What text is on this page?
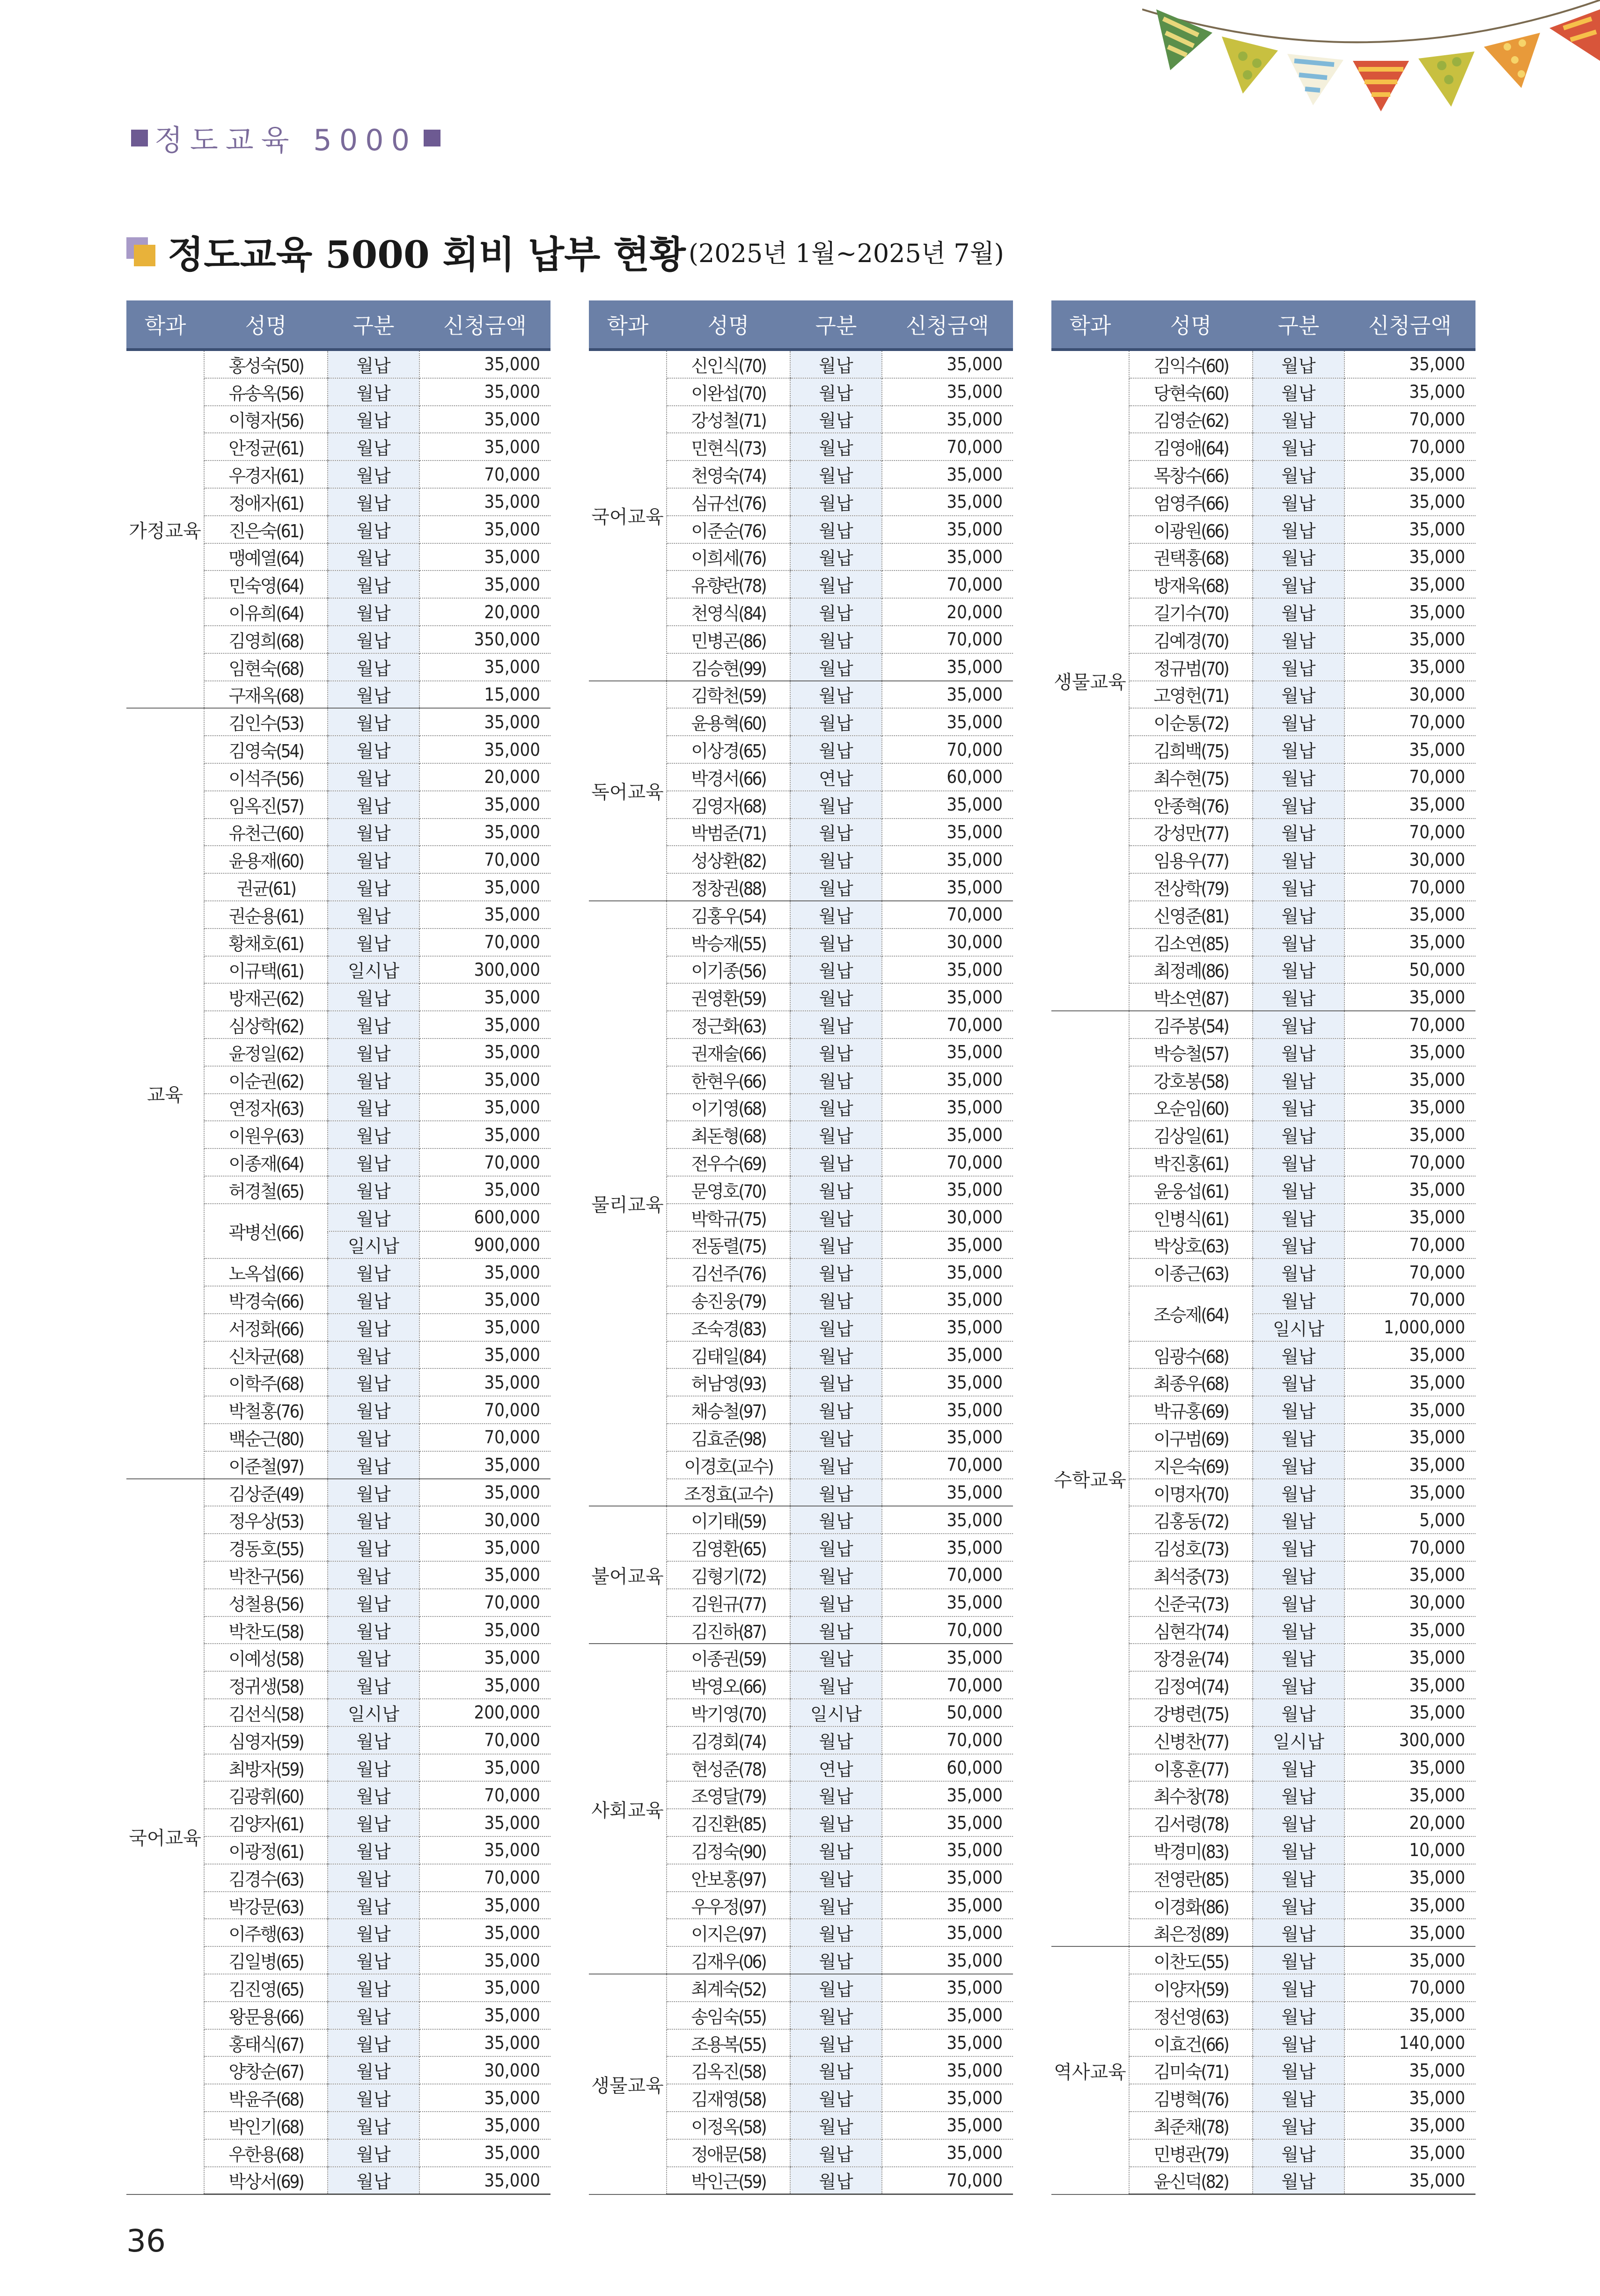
정도교육 5000
정도교육 5000 회비 납부 현황 (2025년 1월~2025년 7월)
학과	성명	구분	신청금액
가정교육	홍성숙(50)	월납	35,000
	유송옥(56)	월납	35,000
	이형자(56)	월납	35,000
	안정균(61)	월납	35,000
	우경자(61)	월납	70,000
	정애자(61)	월납	35,000
	진은숙(61)	월납	35,000
	맹예열(64)	월납	35,000
	민숙영(64)	월납	35,000
	이유희(64)	월납	20,000
	김영희(68)	월납	350,000
	임현숙(68)	월납	35,000
	구재옥(68)	월납	15,000
교육	김인수(53)	월납	35,000
	김영숙(54)	월납	35,000
	이석주(56)	월납	20,000
	임옥진(57)	월납	35,000
	유천근(60)	월납	35,000
	윤용재(60)	월납	70,000
	권균(61)	월납	35,000
	권순용(61)	월납	35,000
	황채호(61)	월납	70,000
	이규택(61)	일시납	300,000
	방재곤(62)	월납	35,000
	심상학(62)	월납	35,000
	윤정일(62)	월납	35,000
	이순권(62)	월납	35,000
	연정자(63)	월납	35,000
	이원우(63)	월납	35,000
	이종재(64)	월납	70,000
	허경철(65)	월납	35,000
	곽병선(66)	월납	600,000
		일시납	900,000
	노옥섭(66)	월납	35,000
	박경숙(66)	월납	35,000
	서정화(66)	월납	35,000
	신차균(68)	월납	35,000
	이학주(68)	월납	35,000
	박철홍(76)	월납	70,000
	백순근(80)	월납	70,000
	이준철(97)	월납	35,000
국어교육	김상준(49)	월납	35,000
	정우상(53)	월납	30,000
	경동호(55)	월납	35,000
	박찬구(56)	월납	35,000
	성철용(56)	월납	70,000
	박찬도(58)	월납	35,000
	이예성(58)	월납	35,000
	정귀생(58)	월납	35,000
	김선식(58)	일시납	200,000
	심영자(59)	월납	70,000
	최방자(59)	월납	35,000
	김광휘(60)	월납	70,000
	김양자(61)	월납	35,000
	이광정(61)	월납	35,000
	김경수(63)	월납	70,000
	박강문(63)	월납	35,000
	이주행(63)	월납	35,000
	김일병(65)	월납	35,000
	김진영(65)	월납	35,000
	왕문용(66)	월납	35,000
	홍태식(67)	월납	35,000
	양창순(67)	월납	30,000
	박윤주(68)	월납	35,000
	박인기(68)	월납	35,000
	우한용(68)	월납	35,000
	박상서(69)	월납	35,000
학과	성명	구분	신청금액
국어교육	신인식(70)	월납	35,000
	이완섭(70)	월납	35,000
	강성철(71)	월납	35,000
	민현식(73)	월납	70,000
	천영숙(74)	월납	35,000
	심규선(76)	월납	35,000
	이준순(76)	월납	35,000
	이희세(76)	월납	35,000
	유향란(78)	월납	70,000
	천영식(84)	월납	20,000
	민병곤(86)	월납	70,000
	김승현(99)	월납	35,000
독어교육	김학천(59)	월납	35,000
	윤용혁(60)	월납	35,000
	이상경(65)	월납	70,000
	박경서(66)	연납	60,000
	김영자(68)	월납	35,000
	박범준(71)	월납	35,000
	성상환(82)	월납	35,000
	정창권(88)	월납	35,000
물리교육	김홍우(54)	월납	70,000
	박승재(55)	월납	30,000
	이기종(56)	월납	35,000
	권영환(59)	월납	35,000
	정근화(63)	월납	70,000
	권재술(66)	월납	35,000
	한현우(66)	월납	35,000
	이기영(68)	월납	35,000
	최돈형(68)	월납	35,000
	전우수(69)	월납	70,000
	문영호(70)	월납	35,000
	박학규(75)	월납	30,000
	전동렬(75)	월납	35,000
	김선주(76)	월납	35,000
	송진웅(79)	월납	35,000
	조숙경(83)	월납	35,000
	김태일(84)	월납	35,000
	허남영(93)	월납	35,000
	채승철(97)	월납	35,000
	김효준(98)	월납	35,000
	이경호(교수)	월납	70,000
	조정효(교수)	월납	35,000
불어교육	이기태(59)	월납	35,000
	김영환(65)	월납	35,000
	김형기(72)	월납	70,000
	김원규(77)	월납	35,000
	김진하(87)	월납	70,000
사회교육	이종권(59)	월납	35,000
	박영오(66)	월납	70,000
	박기영(70)	일시납	50,000
	김경회(74)	월납	70,000
	현성준(78)	연납	60,000
	조영달(79)	월납	35,000
	김진환(85)	월납	35,000
	김정숙(90)	월납	35,000
	안보홍(97)	월납	35,000
	우우정(97)	월납	35,000
	이지은(97)	월납	35,000
	김재우(06)	월납	35,000
생물교육	최계숙(52)	월납	35,000
	송임숙(55)	월납	35,000
	조용복(55)	월납	35,000
	김옥진(58)	월납	35,000
	김재영(58)	월납	35,000
	이정옥(58)	월납	35,000
	정애문(58)	월납	35,000
	박인근(59)	월납	70,000
학과	성명	구분	신청금액
생물교육	김익수(60)	월납	35,000
	당현숙(60)	월납	35,000
	김영순(62)	월납	70,000
	김영애(64)	월납	70,000
	목창수(66)	월납	35,000
	엄영주(66)	월납	35,000
	이광원(66)	월납	35,000
	권택홍(68)	월납	35,000
	방재욱(68)	월납	35,000
	길기수(70)	월납	35,000
	김예경(70)	월납	35,000
	정규범(70)	월납	35,000
	고영헌(71)	월납	30,000
	이순통(72)	월납	70,000
	김희백(75)	월납	35,000
	최수현(75)	월납	70,000
	안종혁(76)	월납	35,000
	강성만(77)	월납	70,000
	임용우(77)	월납	30,000
	전상학(79)	월납	70,000
	신영준(81)	월납	35,000
	김소연(85)	월납	35,000
	최정례(86)	월납	50,000
	박소연(87)	월납	35,000
수학교육	김주봉(54)	월납	70,000
	박승철(57)	월납	35,000
	강호봉(58)	월납	35,000
	오순임(60)	월납	35,000
	김상일(61)	월납	35,000
	박진홍(61)	월납	70,000
	윤웅섭(61)	월납	35,000
	인병식(61)	월납	35,000
	박상호(63)	월납	70,000
	이종근(63)	월납	70,000
	조승제(64)	월납	70,000
		일시납	1,000,000
	임광수(68)	월납	35,000
	최종우(68)	월납	35,000
	박규홍(69)	월납	35,000
	이구범(69)	월납	35,000
	지은숙(69)	월납	35,000
	이명자(70)	월납	35,000
	김홍동(72)	월납	5,000
	김성호(73)	월납	70,000
	최석중(73)	월납	35,000
	신준국(73)	월납	30,000
	심현각(74)	월납	35,000
	장경윤(74)	월납	35,000
	김정여(74)	월납	35,000
	강병련(75)	월납	35,000
	신병찬(77)	일시납	300,000
	이홍훈(77)	월납	35,000
	최수창(78)	월납	35,000
	김서령(78)	월납	20,000
	박경미(83)	월납	10,000
	전영란(85)	월납	35,000
	이경화(86)	월납	35,000
	최은정(89)	월납	35,000
역사교육	이찬도(55)	월납	35,000
	이양자(59)	월납	70,000
	정선영(63)	월납	35,000
	이효건(66)	월납	140,000
	김미숙(71)	월납	35,000
	김병혁(76)	월납	35,000
	최준채(78)	월납	35,000
	민병관(79)	월납	35,000
	윤신덕(82)	월납	35,000
36
